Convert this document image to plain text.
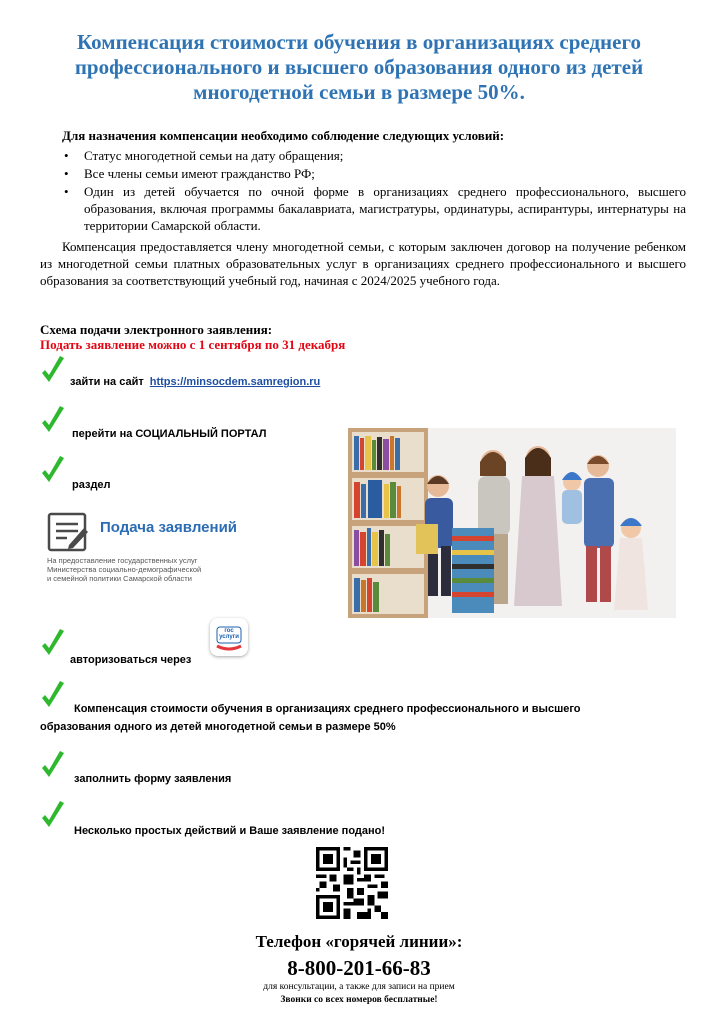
Компенсация стоимости обучения в организациях среднего
профессионального и высшего образования одного из детей
многодетной семьи в размере 50%.
Для назначения компенсации необходимо соблюдение следующих условий:
• Статус многодетной семьи на дату обращения;
• Все члены семьи имеют гражданство РФ;
• Один из детей обучается по очной форме в организациях среднего профессионального, высшего образования, включая программы бакалавриата, магистратуры, ординатуры, аспирантуры, интернатуры на территории Самарской области.
Компенсация предоставляется члену многодетной семьи, с которым заключен договор на получение ребенком из многодетной семьи платных образовательных услуг в организациях среднего профессионального и высшего образования за соответствующий учебный год, начиная с 2024/2025 учебного года.
Схема подачи электронного заявления:
Подать заявление можно с 1 сентября по 31 декабря
зайти на сайт https://minsocdem.samregion.ru
перейти на СОЦИАЛЬНЫЙ ПОРТАЛ
раздел
Подача заявлений
На предоставление государственных услуг
Министерства социально-демографической
и семейной политики Самарской области
авторизоваться через
гос
услуги
Компенсация стоимости обучения в организациях среднего профессионального и высшего
образования одного из детей многодетной семьи в размере 50%
заполнить форму заявления
Несколько простых действий и Ваше заявление подано!
Телефон «горячей линии»:
8-800-201-66-83
для консультации, а также для записи на прием
Звонки со всех номеров бесплатные!
